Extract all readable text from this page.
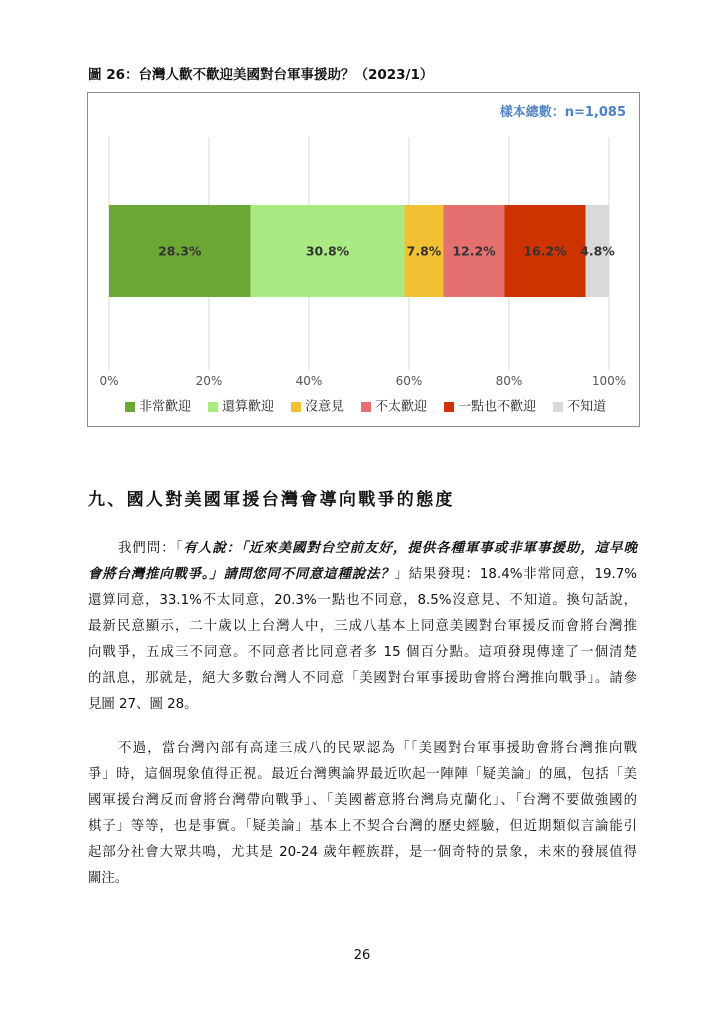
圖 26：台灣人歡不歡迎美國對台軍事援助？（2023/1）
0%	20%	40%	60%	80%	100%
28.3%	30.8%	7.8% 12.2% 16.2% 4.8%
非常歡迎 還算歡迎 沒意見 不太歡迎 一點也不歡迎 不知道
樣本總數：n=1,085
九、國人對美國軍援台灣會導向戰爭的態度
我們問：「有人說：「近來美國對台空前友好，提供各種軍事或非軍事援助，這早晚
會將台灣推向戰爭。」請問您同不同意這種說法？」結果發現：18.4%非常同意，19.7%
還算同意，33.1%不太同意，20.3%一點也不同意，8.5%沒意見、不知道。換句話說，
最新民意顯示，二十歲以上台灣人中，三成八基本上同意美國對台軍援反而會將台灣推
向戰爭，五成三不同意。不同意者比同意者多 15 個百分點。這項發現傳達了一個清楚
的訊息，那就是，絕大多數台灣人不同意「美國對台軍事援助會將台灣推向戰爭」。請參
見圖 27、圖 28。
不過，當台灣內部有高達三成八的民眾認為「「美國對台軍事援助會將台灣推向戰
爭」時，這個現象值得正視。最近台灣輿論界最近吹起一陣陣「疑美論」的風，包括「美
國軍援台灣反而會將台灣帶向戰爭」、「美國蓄意將台灣烏克蘭化」、「台灣不要做強國的
棋子」等等，也是事實。「疑美論」基本上不契合台灣的歷史經驗，但近期類似言論能引
起部分社會大眾共鳴，尤其是 20-24 歲年輕族群，是一個奇特的景象，未來的發展值得
關注。
26
